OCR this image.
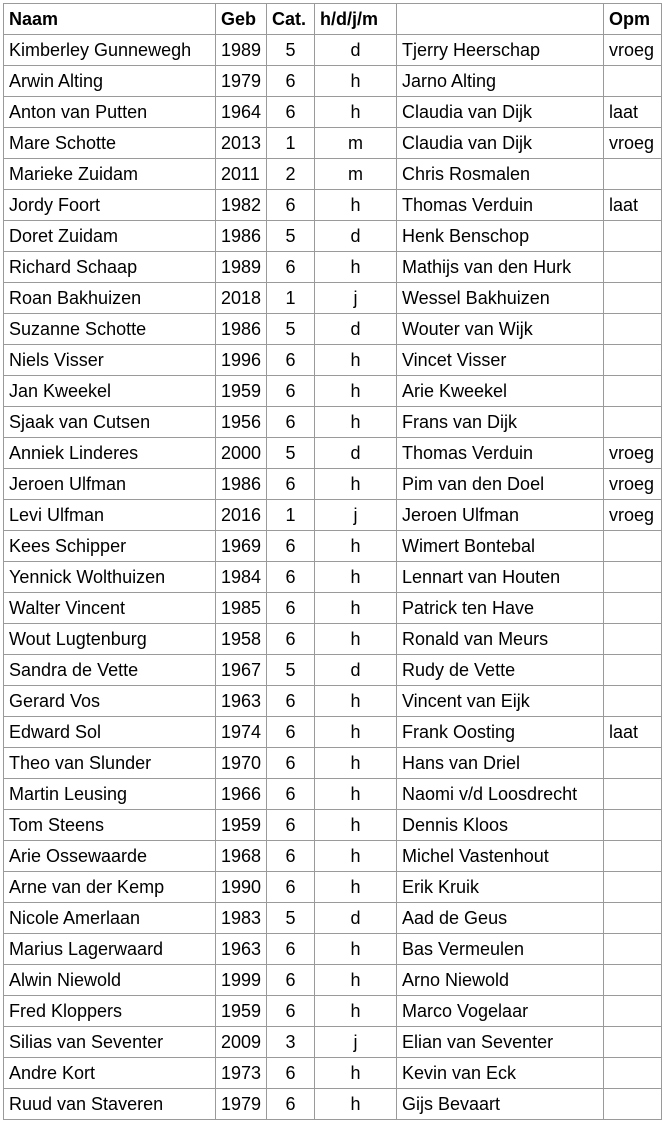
Naam	Geb	Cat.	h/d/j/m		Opm
Kimberley Gunnewegh	1989	5	d	Tjerry Heerschap	vroeg
Arwin Alting	1979	6	h	Jarno Alting	
Anton van Putten	1964	6	h	Claudia van Dijk	laat
Mare Schotte	2013	1	m	Claudia van Dijk	vroeg
Marieke Zuidam	2011	2	m	Chris Rosmalen	
Jordy Foort	1982	6	h	Thomas Verduin	laat
Doret Zuidam	1986	5	d	Henk Benschop	
Richard Schaap	1989	6	h	Mathijs van den Hurk	
Roan Bakhuizen	2018	1	j	Wessel Bakhuizen	
Suzanne Schotte	1986	5	d	Wouter van Wijk	
Niels Visser	1996	6	h	Vincet Visser	
Jan Kweekel	1959	6	h	Arie Kweekel	
Sjaak van Cutsen	1956	6	h	Frans van Dijk	
Anniek Linderes	2000	5	d	Thomas Verduin	vroeg
Jeroen Ulfman	1986	6	h	Pim van den Doel	vroeg
Levi Ulfman	2016	1	j	Jeroen Ulfman	vroeg
Kees Schipper	1969	6	h	Wimert Bontebal	
Yennick Wolthuizen	1984	6	h	Lennart van Houten	
Walter Vincent	1985	6	h	Patrick ten Have	
Wout Lugtenburg	1958	6	h	Ronald van Meurs	
Sandra de Vette	1967	5	d	Rudy de Vette	
Gerard Vos	1963	6	h	Vincent van Eijk	
Edward Sol	1974	6	h	Frank Oosting	laat
Theo van Slunder	1970	6	h	Hans van Driel	
Martin Leusing	1966	6	h	Naomi v/d Loosdrecht	
Tom Steens	1959	6	h	Dennis Kloos	
Arie Ossewaarde	1968	6	h	Michel Vastenhout	
Arne van der Kemp	1990	6	h	Erik Kruik	
Nicole Amerlaan	1983	5	d	Aad de Geus	
Marius Lagerwaard	1963	6	h	Bas Vermeulen	
Alwin Niewold	1999	6	h	Arno Niewold	
Fred Kloppers	1959	6	h	Marco Vogelaar	
Silias van Seventer	2009	3	j	Elian van Seventer	
Andre Kort	1973	6	h	Kevin van Eck	
Ruud van Staveren	1979	6	h	Gijs Bevaart	
